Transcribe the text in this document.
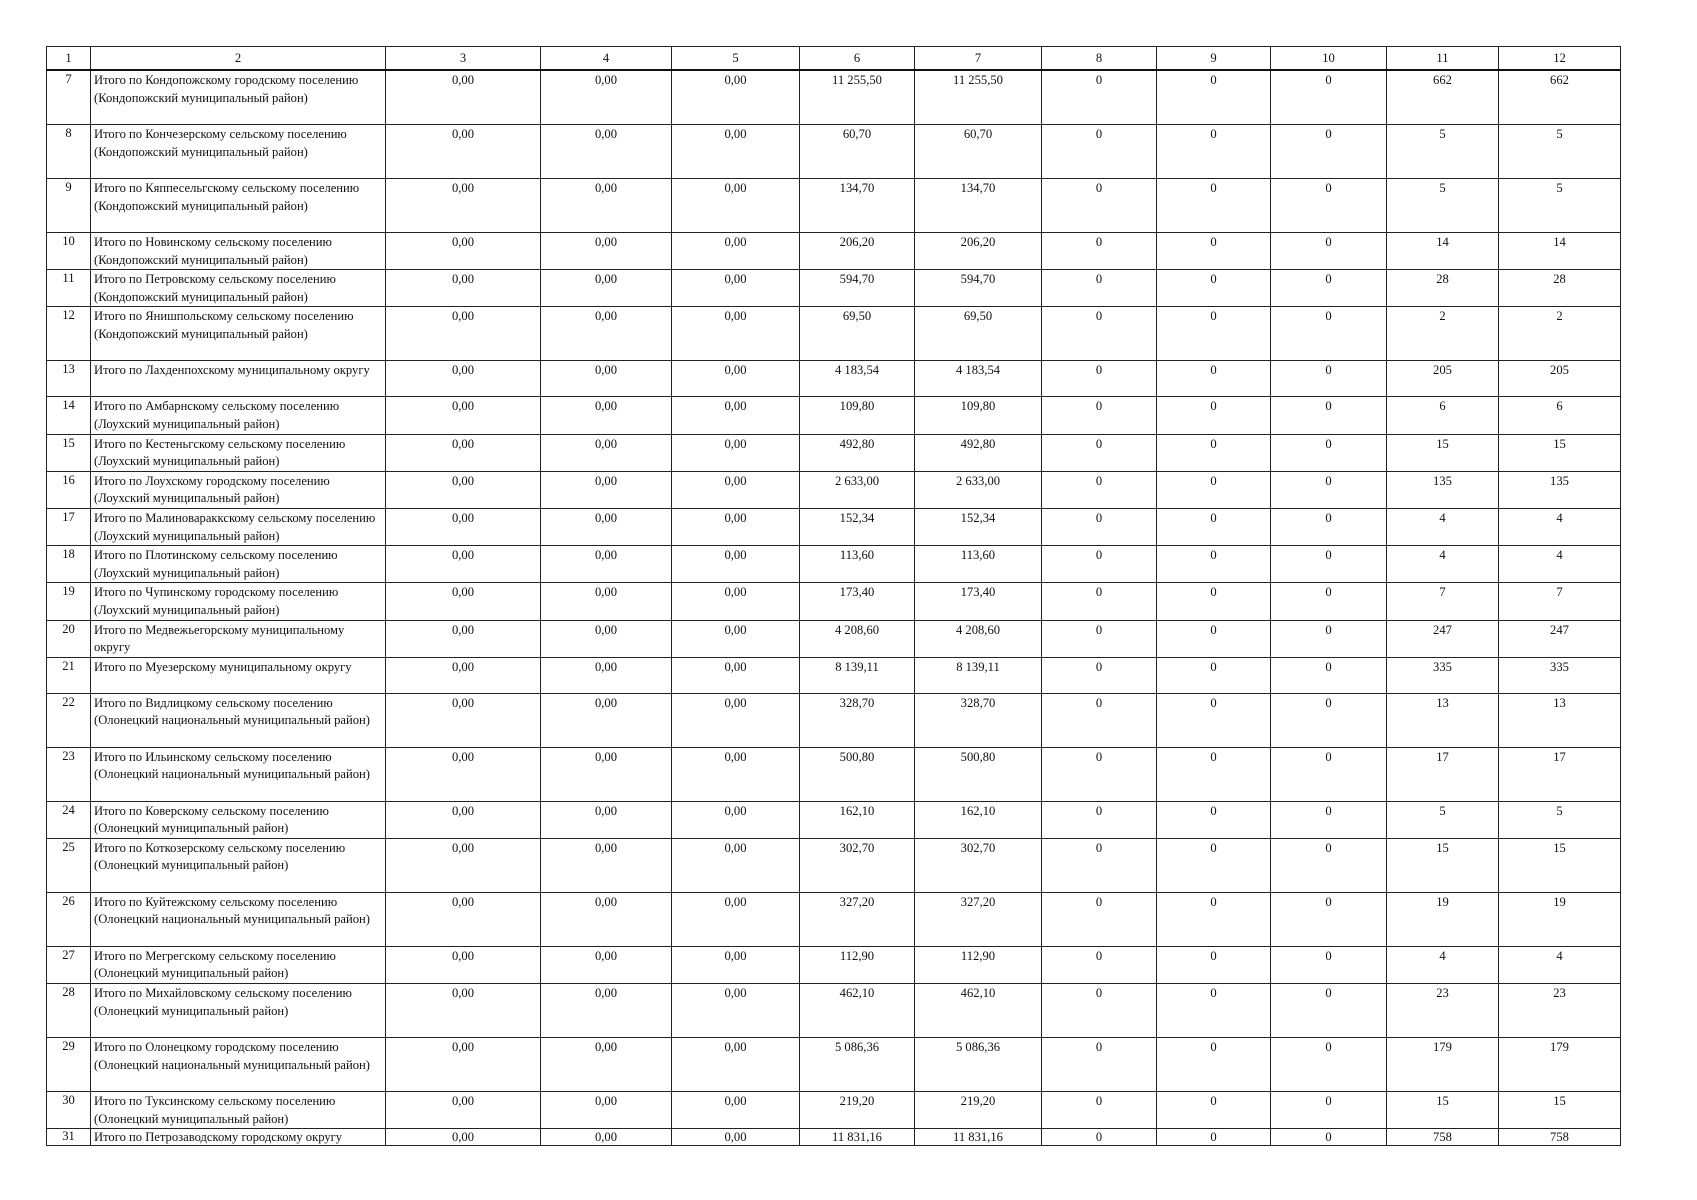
1	2	3	4	5	6	7	8	9	10	11	12
7	Итого по Кондопожскому городскому поселению (Кондопожский муниципальный район)	0,00	0,00	0,00	11 255,50	11 255,50	0	0	0	662	662
8	Итого по Кончезерскому сельскому поселению (Кондопожский муниципальный район)	0,00	0,00	0,00	60,70	60,70	0	0	0	5	5
9	Итого по Кяппесельгскому сельскому поселению (Кондопожский муниципальный район)	0,00	0,00	0,00	134,70	134,70	0	0	0	5	5
10	Итого по Новинскому сельскому поселению (Кондопожский муниципальный район)	0,00	0,00	0,00	206,20	206,20	0	0	0	14	14
11	Итого по Петровскому сельскому поселению (Кондопожский муниципальный район)	0,00	0,00	0,00	594,70	594,70	0	0	0	28	28
12	Итого по Янишпольскому сельскому поселению (Кондопожский муниципальный район)	0,00	0,00	0,00	69,50	69,50	0	0	0	2	2
13	Итого по Лахденпохскому муниципальному округу	0,00	0,00	0,00	4 183,54	4 183,54	0	0	0	205	205
14	Итого по Амбарнскому сельскому поселению (Лоухский муниципальный район)	0,00	0,00	0,00	109,80	109,80	0	0	0	6	6
15	Итого по Кестеньгскому сельскому поселению (Лоухский муниципальный район)	0,00	0,00	0,00	492,80	492,80	0	0	0	15	15
16	Итого по Лоухскому городскому поселению (Лоухский муниципальный район)	0,00	0,00	0,00	2 633,00	2 633,00	0	0	0	135	135
17	Итого по Малиновараккскому сельскому поселению (Лоухский муниципальный район)	0,00	0,00	0,00	152,34	152,34	0	0	0	4	4
18	Итого по Плотинскому сельскому поселению (Лоухский муниципальный район)	0,00	0,00	0,00	113,60	113,60	0	0	0	4	4
19	Итого по Чупинскому городскому поселению (Лоухский муниципальный район)	0,00	0,00	0,00	173,40	173,40	0	0	0	7	7
20	Итого по Медвежьегорскому муниципальному округу	0,00	0,00	0,00	4 208,60	4 208,60	0	0	0	247	247
21	Итого по Муезерскому муниципальному округу	0,00	0,00	0,00	8 139,11	8 139,11	0	0	0	335	335
22	Итого по Видлицкому сельскому поселению (Олонецкий национальный муниципальный район)	0,00	0,00	0,00	328,70	328,70	0	0	0	13	13
23	Итого по Ильинскому сельскому поселению (Олонецкий национальный муниципальный район)	0,00	0,00	0,00	500,80	500,80	0	0	0	17	17
24	Итого по Коверскому сельскому поселению (Олонецкий муниципальный район)	0,00	0,00	0,00	162,10	162,10	0	0	0	5	5
25	Итого по Коткозерскому сельскому поселению (Олонецкий муниципальный район)	0,00	0,00	0,00	302,70	302,70	0	0	0	15	15
26	Итого по Куйтежскому сельскому поселению (Олонецкий национальный муниципальный район)	0,00	0,00	0,00	327,20	327,20	0	0	0	19	19
27	Итого по Мегрегскому сельскому поселению (Олонецкий муниципальный район)	0,00	0,00	0,00	112,90	112,90	0	0	0	4	4
28	Итого по Михайловскому сельскому поселению (Олонецкий муниципальный район)	0,00	0,00	0,00	462,10	462,10	0	0	0	23	23
29	Итого по Олонецкому городскому поселению (Олонецкий национальный муниципальный район)	0,00	0,00	0,00	5 086,36	5 086,36	0	0	0	179	179
30	Итого по Туксинскому сельскому поселению (Олонецкий муниципальный район)	0,00	0,00	0,00	219,20	219,20	0	0	0	15	15
31	Итого по Петрозаводскому городскому округу	0,00	0,00	0,00	11 831,16	11 831,16	0	0	0	758	758
